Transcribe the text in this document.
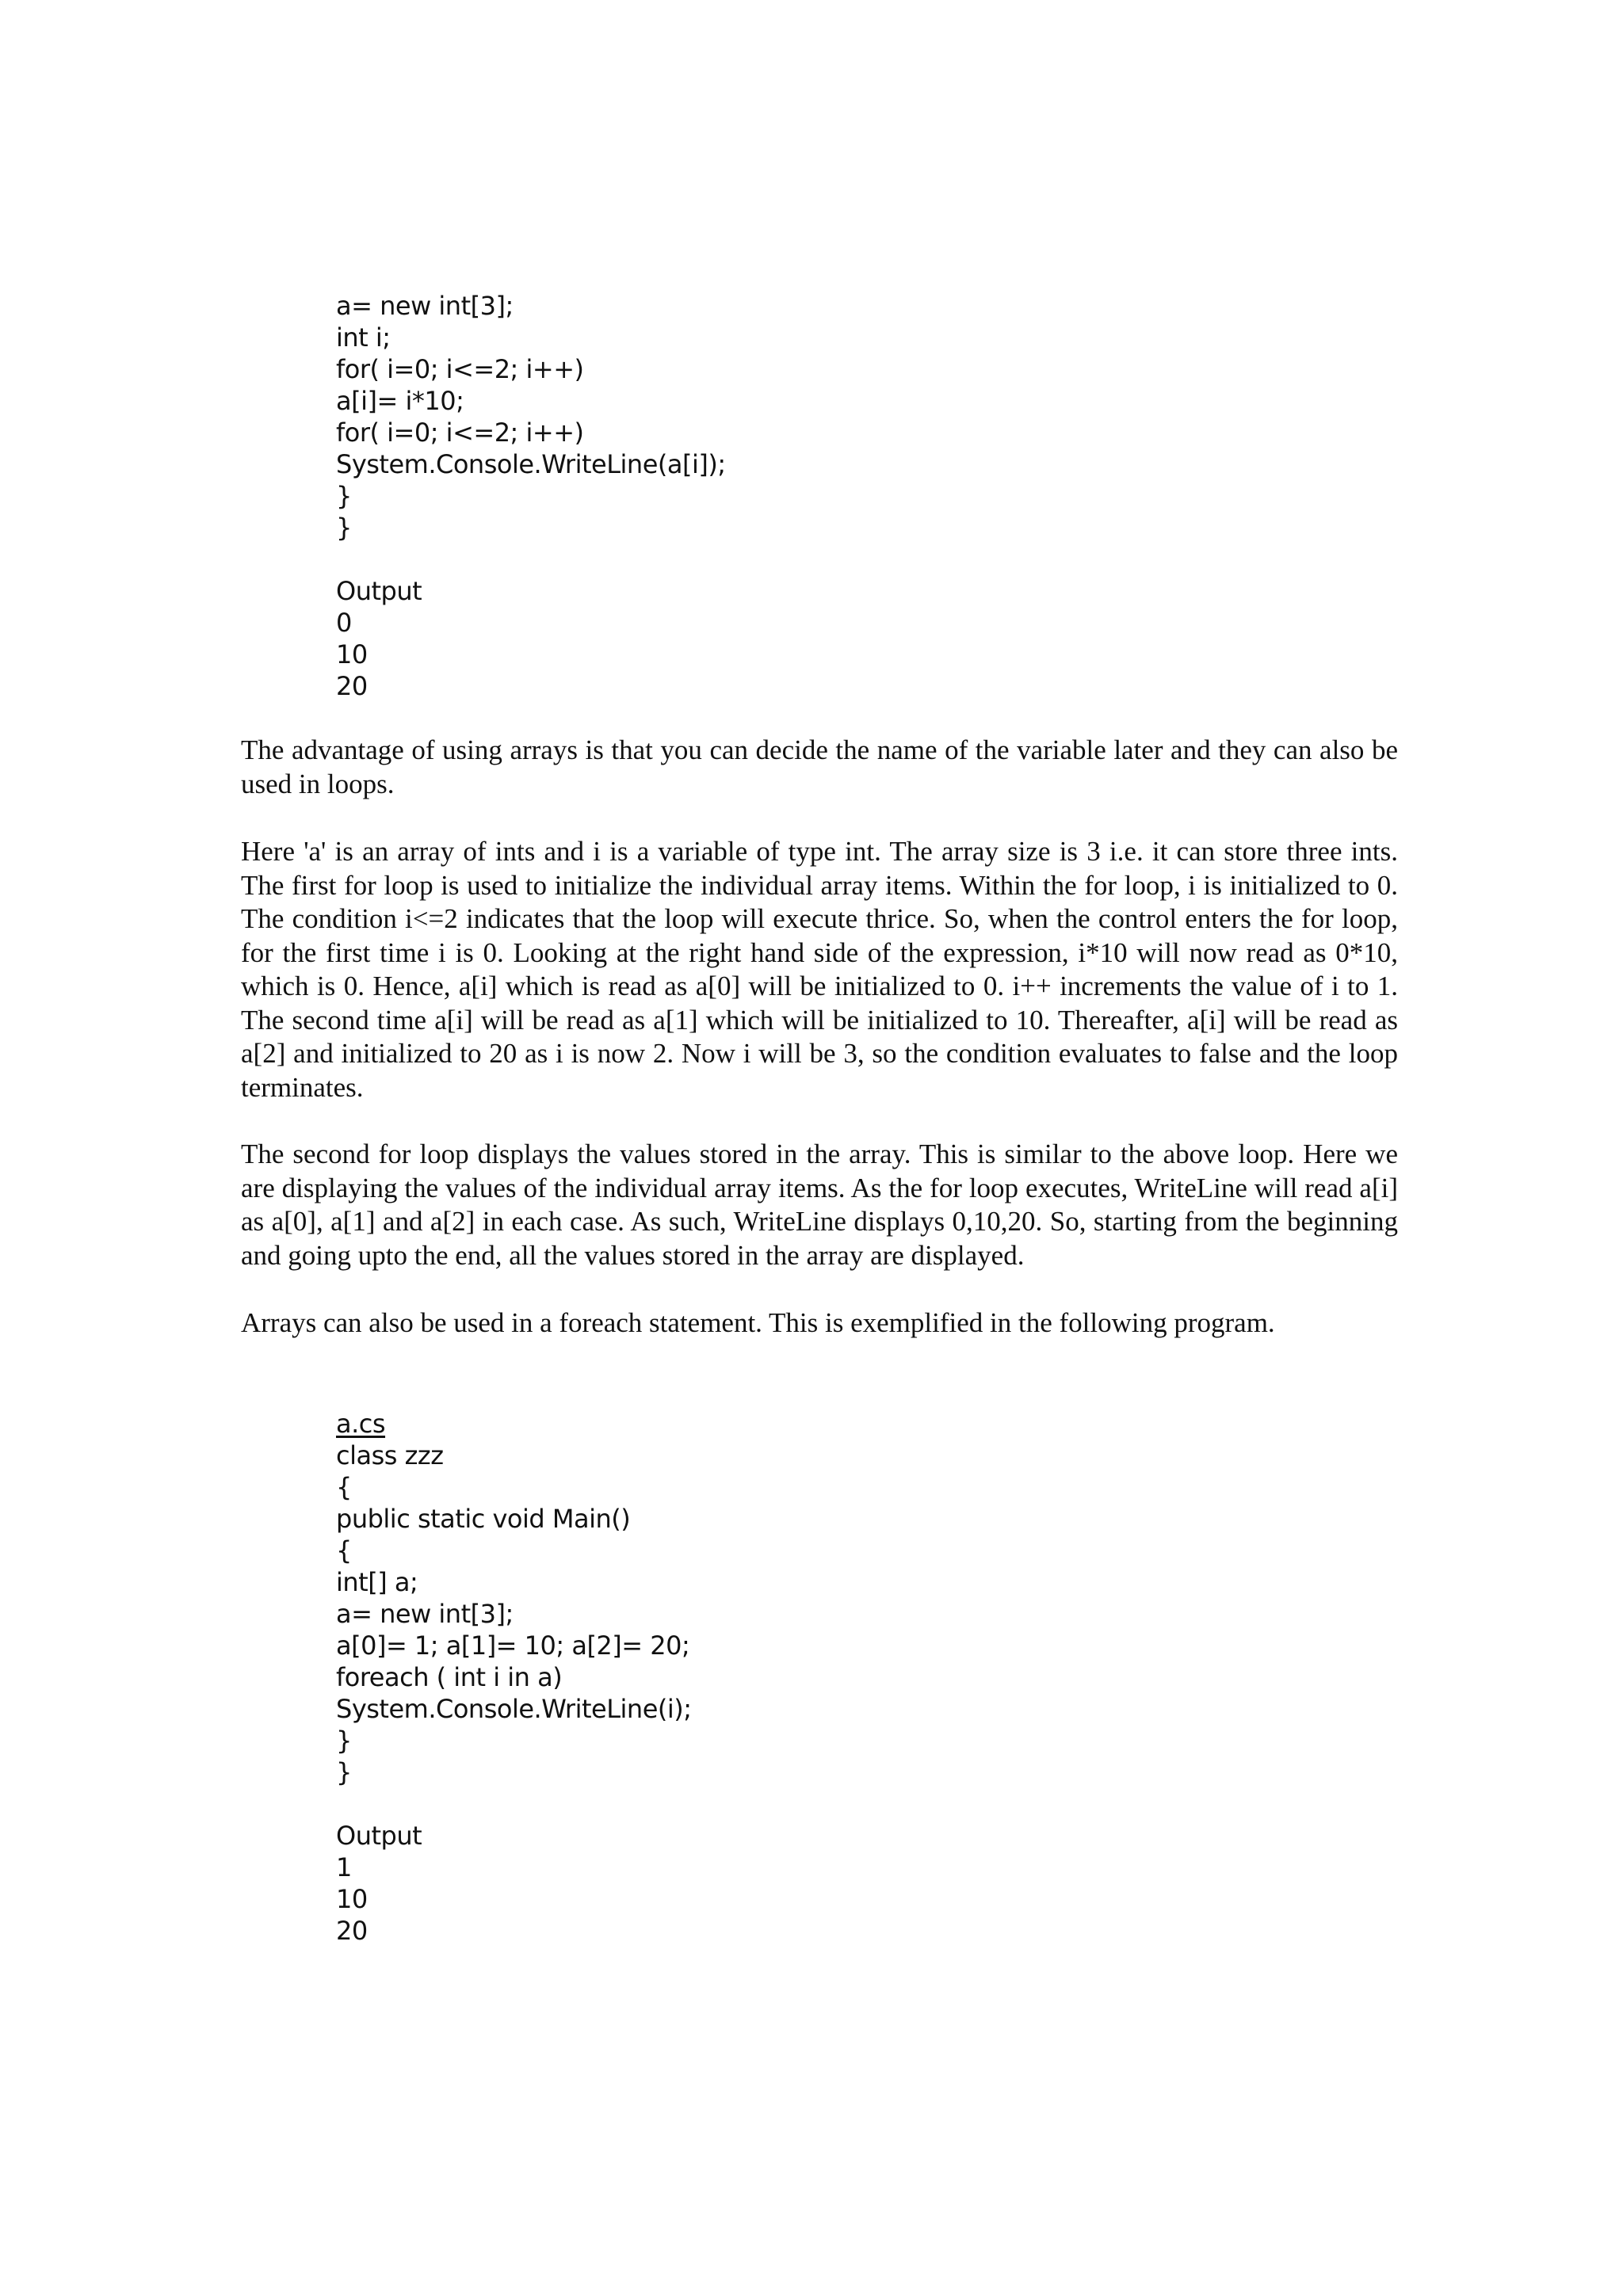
a= new int[3];
int i;
for( i=0; i<=2; i++)
a[i]= i*10;
for( i=0; i<=2; i++)
System.Console.WriteLine(a[i]);
}
}
Output
0
10
20

The advantage of using arrays is that you can decide the name of the variable later and they can also be used in loops.

Here 'a' is an array of ints and i is a variable of type int. The array size is 3 i.e. it can store three ints. The first for loop is used to initialize the individual array items. Within the for loop, i is initialized to 0. The condition i<=2 indicates that the loop will execute thrice. So, when the control enters the for loop, for the first time i is 0. Looking at the right hand side of the expression, i*10 will now read as 0*10, which is 0. Hence, a[i] which is read as a[0] will be initialized to 0. i++ increments the value of i to 1. The second time a[i] will be read as a[1] which will be initialized to 10. Thereafter, a[i] will be read as a[2] and initialized to 20 as i is now 2. Now i will be 3, so the condition evaluates to false and the loop terminates.

The second for loop displays the values stored in the array. This is similar to the above loop. Here we are displaying the values of the individual array items. As the for loop executes, WriteLine will read a[i] as a[0], a[1] and a[2] in each case. As such, WriteLine displays 0,10,20. So, starting from the beginning and going upto the end, all the values stored in the array are displayed.

Arrays can also be used in a foreach statement. This is exemplified in the following program.

a.cs
class zzz
{
public static void Main()
{
int[] a;
a= new int[3];
a[0]= 1; a[1]= 10; a[2]= 20;
foreach ( int i in a)
System.Console.WriteLine(i);
}
}
Output
1
10
20
